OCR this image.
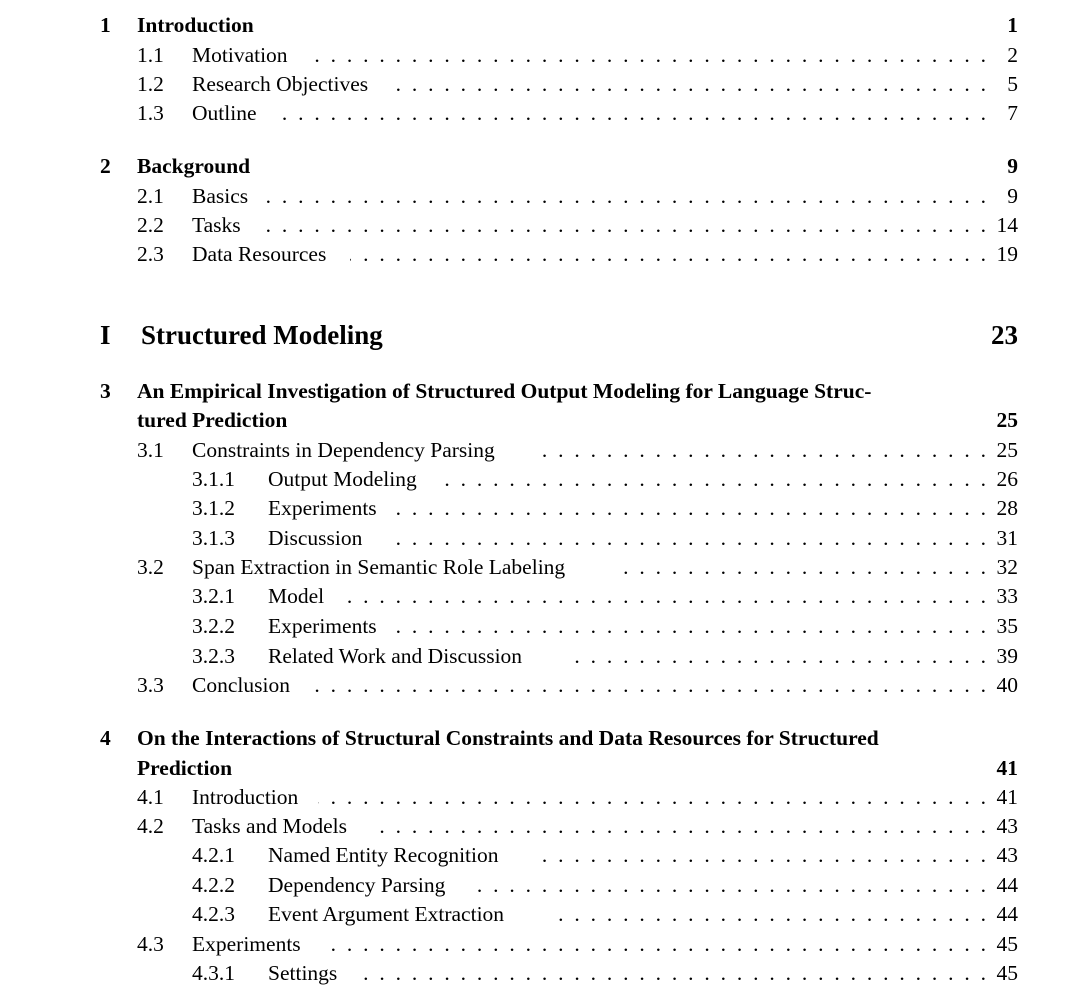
1 Introduction	1
1.1 Motivation . . .	2
1.2 Research Objectives . . .	5
1.3 Outline . . .	7
2 Background	9
2.1 Basics . . .	9
2.2 Tasks . . .	14
2.3 Data Resources . . .	19
I Structured Modeling	23
3 An Empirical Investigation of Structured Output Modeling for Language Struc-
tured Prediction	25
3.1 Constraints in Dependency Parsing . . .	25
3.1.1 Output Modeling . . .	26
3.1.2 Experiments . . .	28
3.1.3 Discussion . . .	31
3.2 Span Extraction in Semantic Role Labeling . . .	32
3.2.1 Model . . .	33
3.2.2 Experiments . . .	35
3.2.3 Related Work and Discussion . . .	39
3.3 Conclusion . . .	40
4 On the Interactions of Structural Constraints and Data Resources for Structured
Prediction	41
4.1 Introduction . . .	41
4.2 Tasks and Models . . .	43
4.2.1 Named Entity Recognition . . .	43
4.2.2 Dependency Parsing . . .	44
4.2.3 Event Argument Extraction . . .	44
4.3 Experiments . . .	45
4.3.1 Settings . . .	45
